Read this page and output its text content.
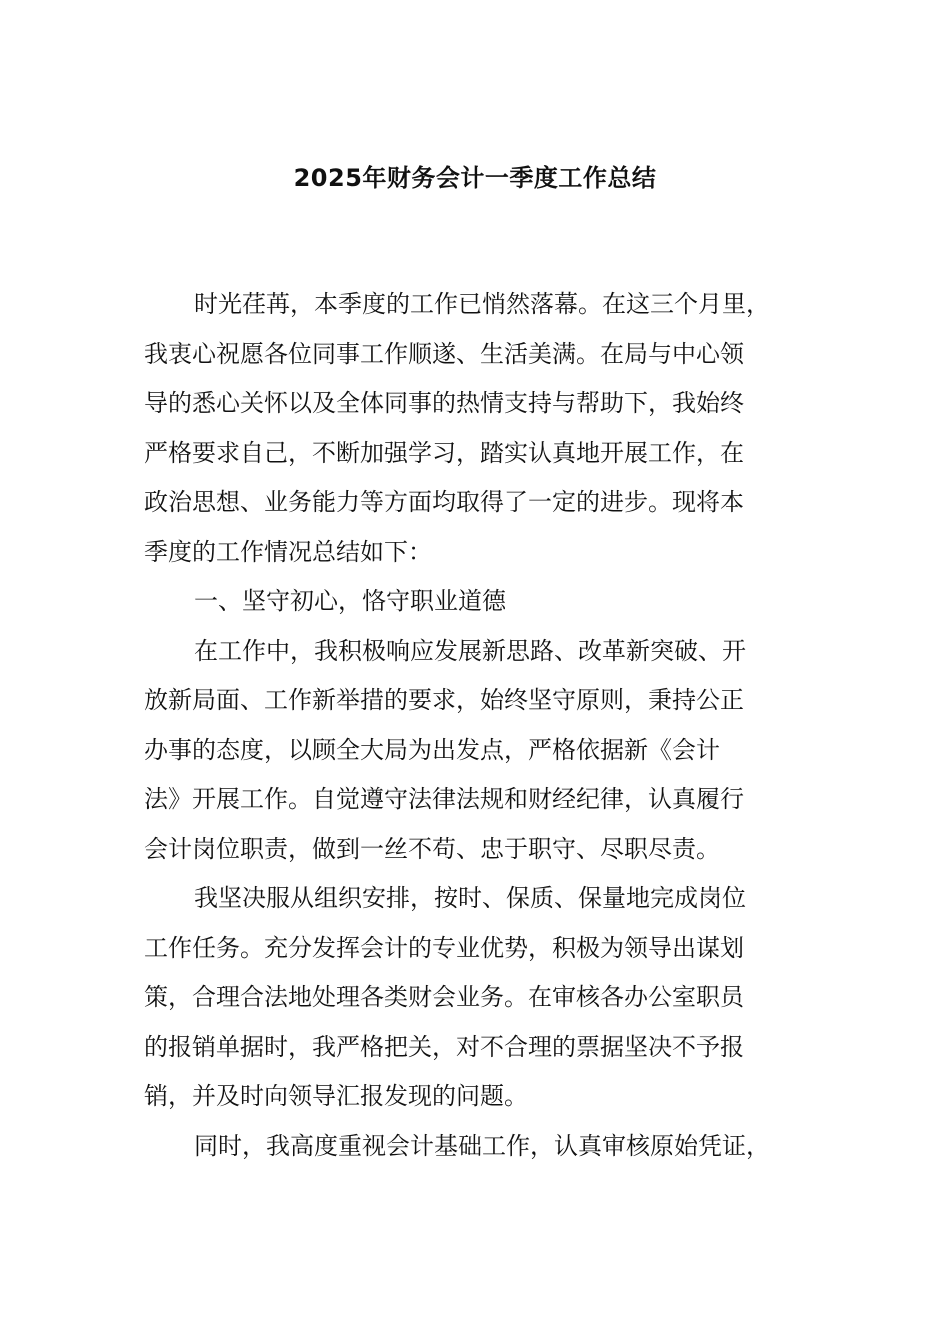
2025年财务会计一季度工作总结
时光荏苒，本季度的工作已悄然落幕。在这三个月里，
我衷心祝愿各位同事工作顺遂、生活美满。在局与中心领
导的悉心关怀以及全体同事的热情支持与帮助下，我始终
严格要求自己，不断加强学习，踏实认真地开展工作，在
政治思想、业务能力等方面均取得了一定的进步。现将本
季度的工作情况总结如下：
一、坚守初心，恪守职业道德
在工作中，我积极响应发展新思路、改革新突破、开
放新局面、工作新举措的要求，始终坚守原则，秉持公正
办事的态度，以顾全大局为出发点，严格依据新《会计
法》开展工作。自觉遵守法律法规和财经纪律，认真履行
会计岗位职责，做到一丝不苟、忠于职守、尽职尽责。
我坚决服从组织安排，按时、保质、保量地完成岗位
工作任务。充分发挥会计的专业优势，积极为领导出谋划
策，合理合法地处理各类财会业务。在审核各办公室职员
的报销单据时，我严格把关，对不合理的票据坚决不予报
销，并及时向领导汇报发现的问题。
同时，我高度重视会计基础工作，认真审核原始凭证，
